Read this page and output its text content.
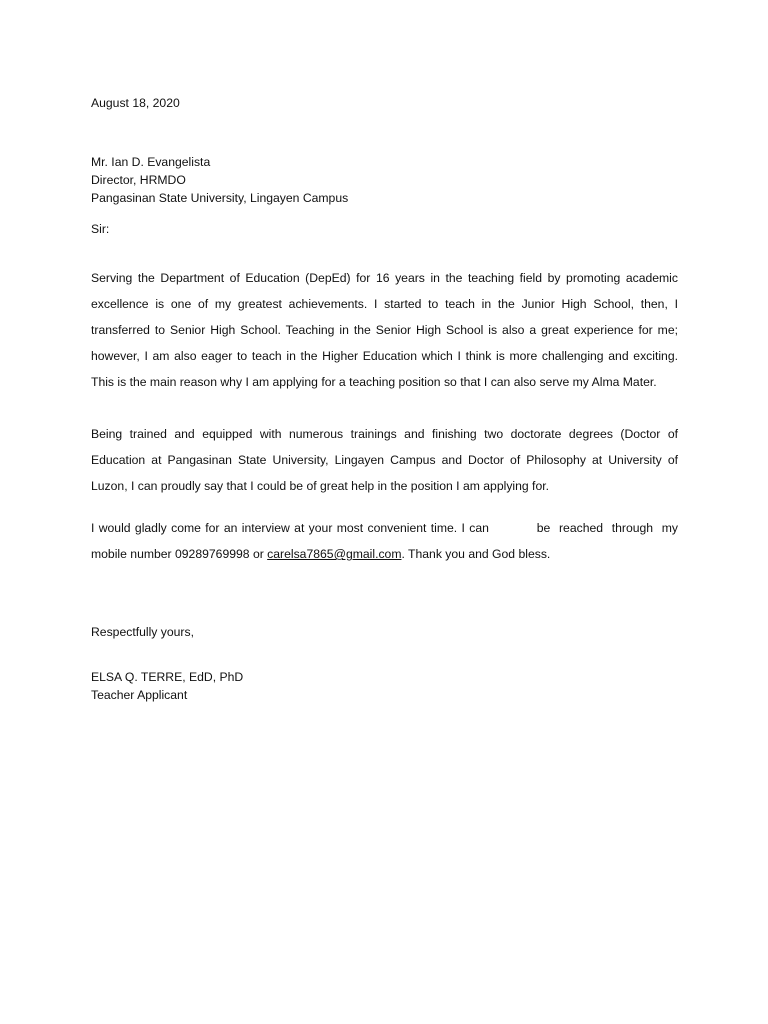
August 18, 2020
Mr. Ian D. Evangelista
Director, HRMDO
Pangasinan State University, Lingayen Campus
Sir:
Serving the Department of Education (DepEd) for 16 years in the teaching field by promoting academic
excellence is one of my greatest achievements. I started to teach in the Junior High School, then, I
transferred to Senior High School. Teaching in the Senior High School is also a great experience for me;
however, I am also eager to teach in the Higher Education which I think is more challenging and exciting.
This is the main reason why I am applying for a teaching position so that I can also serve my Alma Mater.
Being trained and equipped with numerous trainings and finishing two doctorate degrees (Doctor of
Education at Pangasinan State University, Lingayen Campus and Doctor of Philosophy at University of
Luzon, I can proudly say that I could be of great help in the position I am applying for.
I would gladly come for an interview at your most convenient time. I can           be  reached  through  my
mobile number 09289769998 or carelsa7865@gmail.com. Thank you and God bless.
Respectfully yours,
ELSA Q. TERRE, EdD, PhD
Teacher Applicant
